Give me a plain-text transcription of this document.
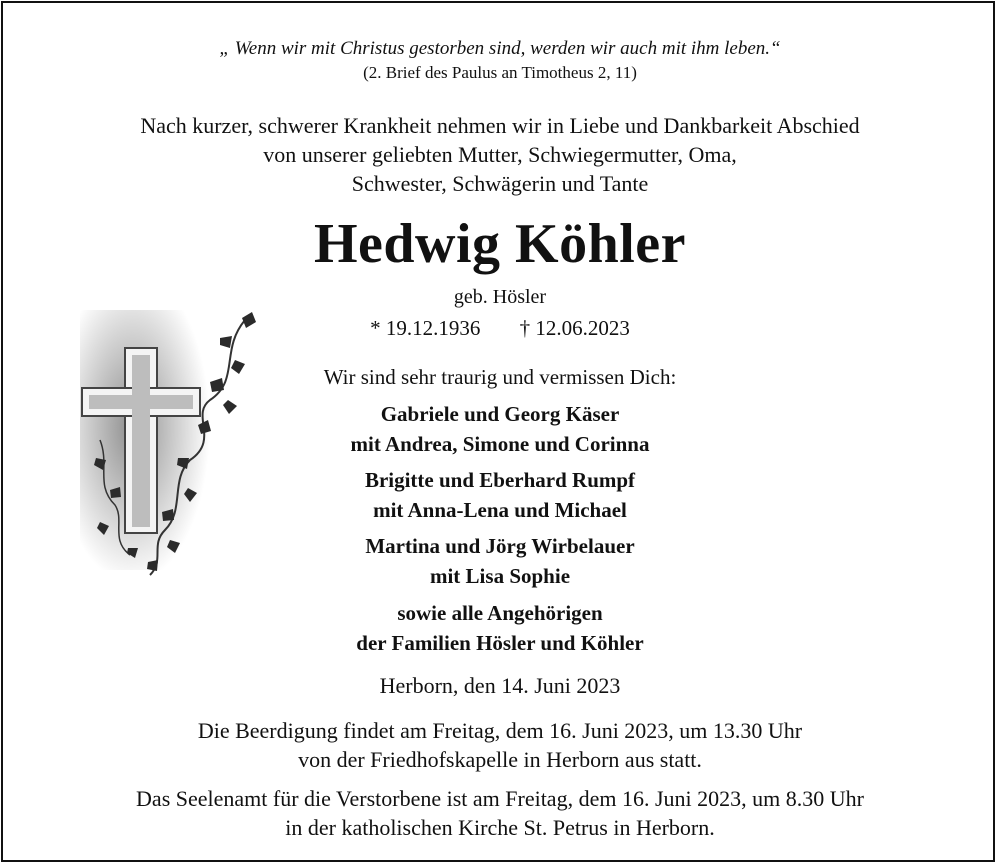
„ Wenn wir mit Christus gestorben sind, werden wir auch mit ihm leben.“
(2. Brief des Paulus an Timotheus 2, 11)
Nach kurzer, schwerer Krankheit nehmen wir in Liebe und Dankbarkeit Abschied
von unserer geliebten Mutter, Schwiegermutter, Oma,
Schwester, Schwägerin und Tante
Hedwig Köhler
geb. Hösler
* 19.12.1936 † 12.06.2023
Wir sind sehr traurig und vermissen Dich:
Gabriele und Georg Käser
mit Andrea, Simone und Corinna
Brigitte und Eberhard Rumpf
mit Anna-Lena und Michael
Martina und Jörg Wirbelauer
mit Lisa Sophie
sowie alle Angehörigen
der Familien Hösler und Köhler
Herborn, den 14. Juni 2023
Die Beerdigung findet am Freitag, dem 16. Juni 2023, um 13.30 Uhr
von der Friedhofskapelle in Herborn aus statt.
Das Seelenamt für die Verstorbene ist am Freitag, dem 16. Juni 2023, um 8.30 Uhr
in der katholischen Kirche St. Petrus in Herborn.
